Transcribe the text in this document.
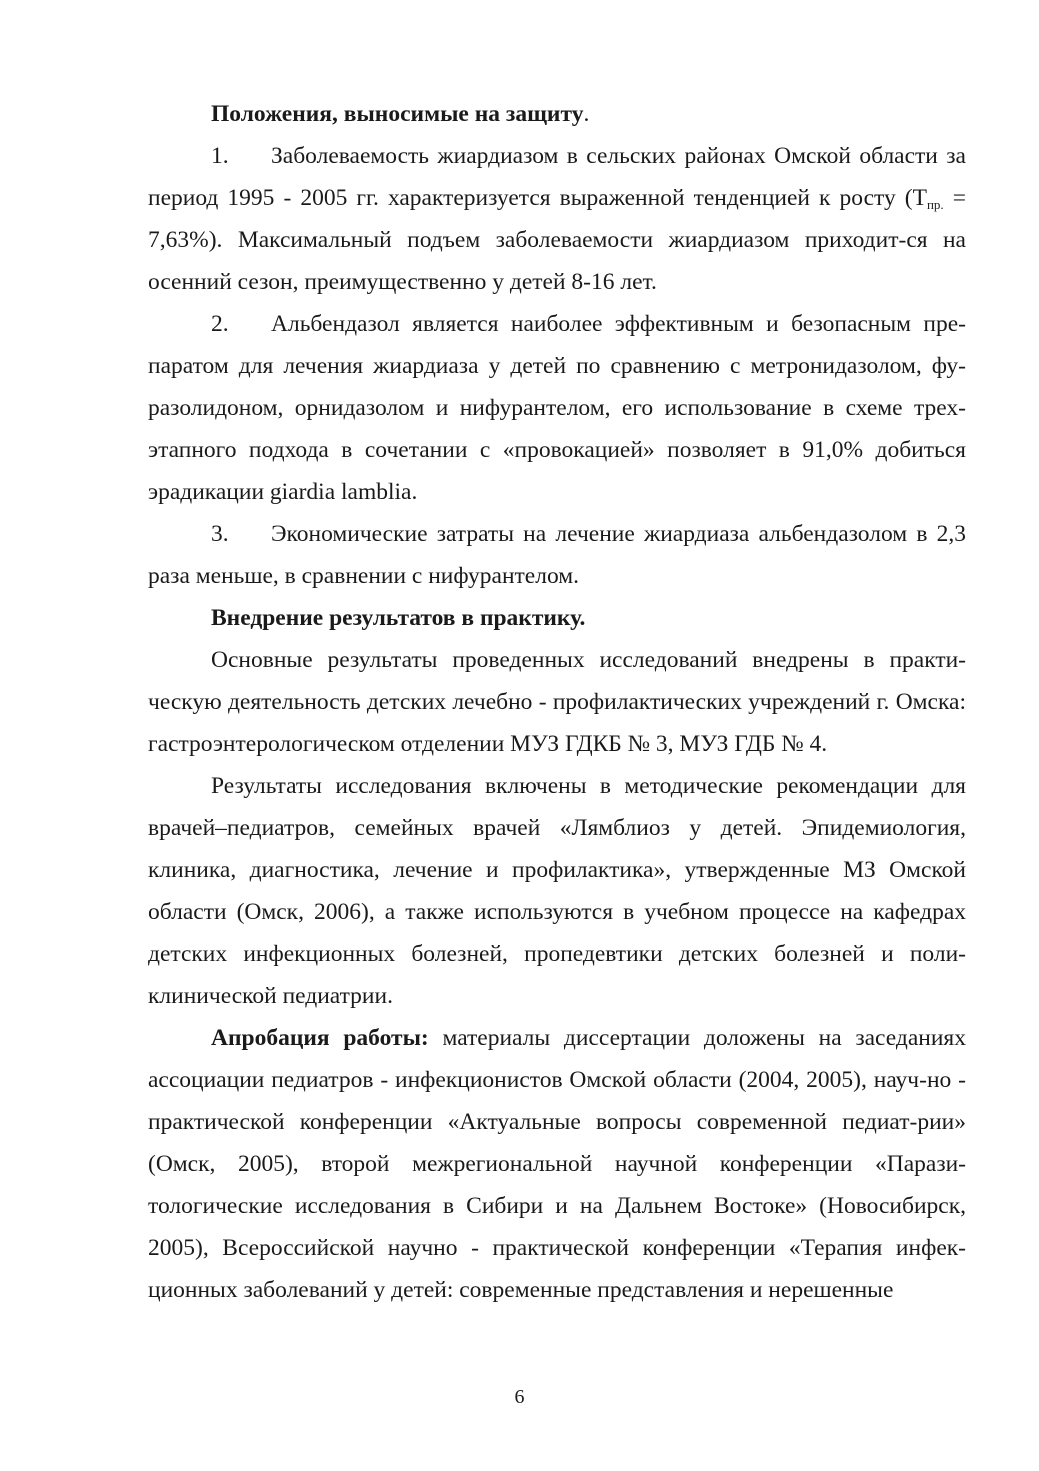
Положения, выносимые на защиту.

1. Заболеваемость жиардиазом в сельских районах Омской области за период 1995 - 2005 гг. характеризуется выраженной тенденцией к росту $(Т_{пр.} = 7,63\%)$. Максимальный подъем заболеваемости жиардиазом приходит-ся на осенний сезон, преимущественно у детей 8-16 лет.

2. Альбендазол является наиболее эффективным и безопасным пре-паратом для лечения жиардиаза у детей по сравнению с метронидазолом, фу-разолидоном, орнидазолом и нифурантелом, его использование в схеме трех-этапного подхода в сочетании с «провокацией» позволяет в 91,0% добиться эрадикации giardia lamblia.

3. Экономические затраты на лечение жиардиаза альбендазолом в 2,3 раза меньше, в сравнении с нифурантелом.

Внедрение результатов в практику.

Основные результаты проведенных исследований внедрены в практи-ческую деятельность детских лечебно - профилактических учреждений г. Омска: гастроэнтерологическом отделении МУЗ ГДКБ № 3, МУЗ ГДБ № 4.

Результаты исследования включены в методические рекомендации для врачей–педиатров, семейных врачей «Лямблиоз у детей. Эпидемиология, клиника, диагностика, лечение и профилактика», утвержденные МЗ Омской области (Омск, 2006), а также используются в учебном процессе на кафедрах детских инфекционных болезней, пропедевтики детских болезней и поли-клинической педиатрии.

Апробация работы: материалы диссертации доложены на заседаниях ассоциации педиатров - инфекционистов Омской области (2004, 2005), науч-но - практической конференции «Актуальные вопросы современной педиат-рии» (Омск, 2005), второй межрегиональной научной конференции «Парази-тологические исследования в Сибири и на Дальнем Востоке» (Новосибирск, 2005), Всероссийской научно - практической конференции «Терапия инфек-ционных заболеваний у детей: современные представления и нерешенные

6
